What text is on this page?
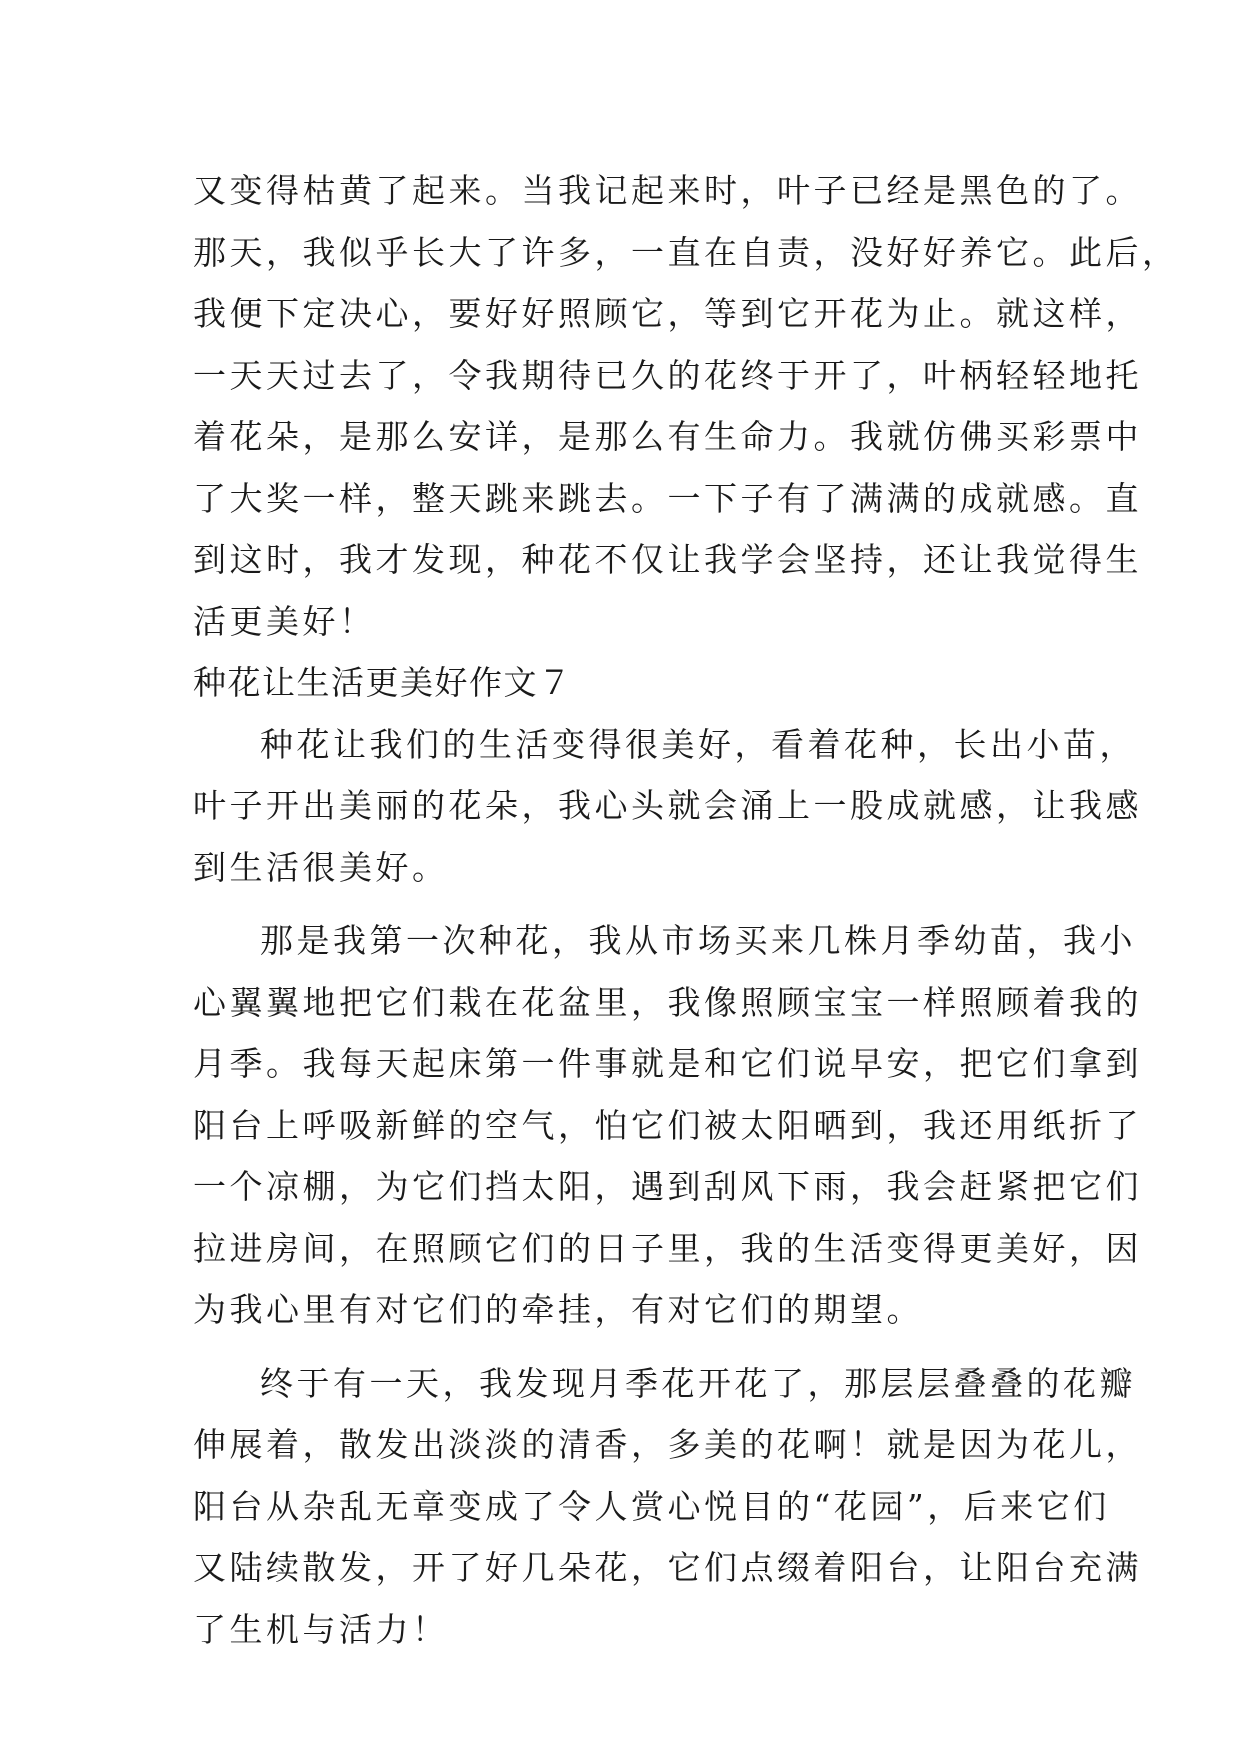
又变得枯黄了起来。当我记起来时，叶子已经是黑色的了。
那天，我似乎长大了许多，一直在自责，没好好养它。此后，
我便下定决心，要好好照顾它，等到它开花为止。就这样，
一天天过去了，令我期待已久的花终于开了，叶柄轻轻地托
着花朵，是那么安详，是那么有生命力。我就仿佛买彩票中
了大奖一样，整天跳来跳去。一下子有了满满的成就感。直
到这时，我才发现，种花不仅让我学会坚持，还让我觉得生
活更美好！
种花让生活更美好作文７
种花让我们的生活变得很美好，看着花种，长出小苗，
叶子开出美丽的花朵，我心头就会涌上一股成就感，让我感
到生活很美好。
那是我第一次种花，我从市场买来几株月季幼苗，我小
心翼翼地把它们栽在花盆里，我像照顾宝宝一样照顾着我的
月季。我每天起床第一件事就是和它们说早安，把它们拿到
阳台上呼吸新鲜的空气，怕它们被太阳晒到，我还用纸折了
一个凉棚，为它们挡太阳，遇到刮风下雨，我会赶紧把它们
拉进房间，在照顾它们的日子里，我的生活变得更美好，因
为我心里有对它们的牵挂，有对它们的期望。
终于有一天，我发现月季花开花了，那层层叠叠的花瓣
伸展着，散发出淡淡的清香，多美的花啊！就是因为花儿，
阳台从杂乱无章变成了令人赏心悦目的“花园”，后来它们
又陆续散发，开了好几朵花，它们点缀着阳台，让阳台充满
了生机与活力！
